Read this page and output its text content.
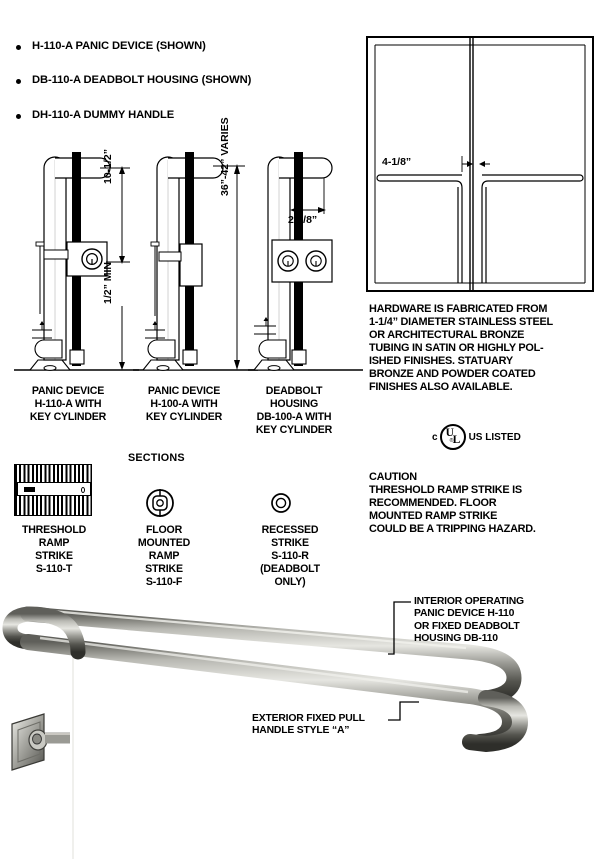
H-110-A PANIC DEVICE (SHOWN)
DB-110-A DEADBOLT HOUSING (SHOWN)
DH-110-A DUMMY HANDLE
10-1/2”
1/2” MIN
PANIC DEVICE
H-110-A WITH
KEY CYLINDER
36”-42” VARIES
PANIC DEVICE
H-100-A WITH
KEY CYLINDER
2-5/8”
DEADBOLT
HOUSING
DB-100-A WITH
KEY CYLINDER
4-1/8”
HARDWARE IS FABRICATED FROM
1-1/4” DIAMETER STAINLESS STEEL
OR ARCHITECTURAL BRONZE
TUBING IN SATIN OR HIGHLY POL-
ISHED FINISHES. STATUARY
BRONZE AND POWDER COATED
FINISHES ALSO AVAILABLE.
c U
L
® US LISTED
CAUTION
THRESHOLD RAMP STRIKE IS
RECOMMENDED. FLOOR
MOUNTED RAMP STRIKE
COULD BE A TRIPPING HAZARD.
SECTIONS
THRESHOLD
RAMP
STRIKE
S-110-T
FLOOR
MOUNTED
RAMP
STRIKE
S-110-F
RECESSED
STRIKE
S-110-R
(DEADBOLT
ONLY)
INTERIOR OPERATING
PANIC DEVICE H-110
OR FIXED DEADBOLT
HOUSING DB-110
EXTERIOR FIXED PULL
HANDLE STYLE “A”
